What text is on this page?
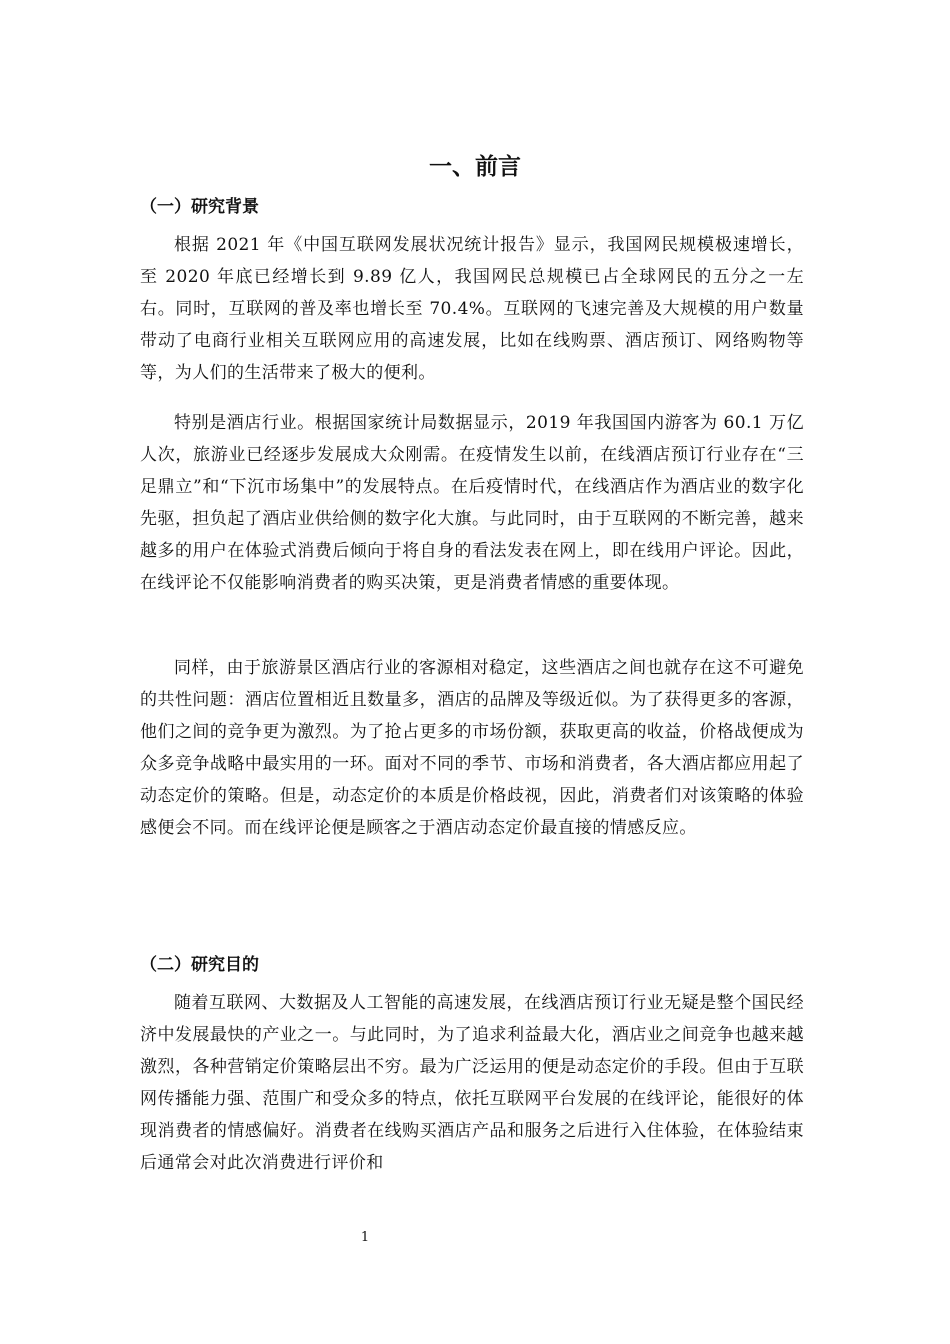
一、前言
（一）研究背景

根据 2021 年《中国互联网发展状况统计报告》显示，我国网民规模极速增长，至 2020 年底已经增长到 9.89 亿人，我国网民总规模已占全球网民的五分之一左右。同时，互联网的普及率也增长至 70.4%。互联网的飞速完善及大规模的用户数量带动了电商行业相关互联网应用的高速发展，比如在线购票、酒店预订、网络购物等等，为人们的生活带来了极大的便利。

特别是酒店行业。根据国家统计局数据显示，2019 年我国国内游客为 60.1 万亿人次，旅游业已经逐步发展成大众刚需。在疫情发生以前，在线酒店预订行业存在“三足鼎立”和“下沉市场集中”的发展特点。在后疫情时代，在线酒店作为酒店业的数字化先驱，担负起了酒店业供给侧的数字化大旗。与此同时，由于互联网的不断完善，越来越多的用户在体验式消费后倾向于将自身的看法发表在网上，即在线用户评论。因此，在线评论不仅能影响消费者的购买决策，更是消费者情感的重要体现。

同样，由于旅游景区酒店行业的客源相对稳定，这些酒店之间也就存在这不可避免的共性问题：酒店位置相近且数量多，酒店的品牌及等级近似。为了获得更多的客源，他们之间的竞争更为激烈。为了抢占更多的市场份额，获取更高的收益，价格战便成为众多竞争战略中最实用的一环。面对不同的季节、市场和消费者，各大酒店都应用起了动态定价的策略。但是，动态定价的本质是价格歧视，因此，消费者们对该策略的体验感便会不同。而在线评论便是顾客之于酒店动态定价最直接的情感反应。

（二）研究目的

随着互联网、大数据及人工智能的高速发展，在线酒店预订行业无疑是整个国民经济中发展最快的产业之一。与此同时，为了追求利益最大化，酒店业之间竞争也越来越激烈，各种营销定价策略层出不穷。最为广泛运用的便是动态定价的手段。但由于互联网传播能力强、范围广和受众多的特点，依托互联网平台发展的在线评论，能很好的体现消费者的情感偏好。消费者在线购买酒店产品和服务之后进行入住体验，在体验结束后通常会对此次消费进行评价和

1
